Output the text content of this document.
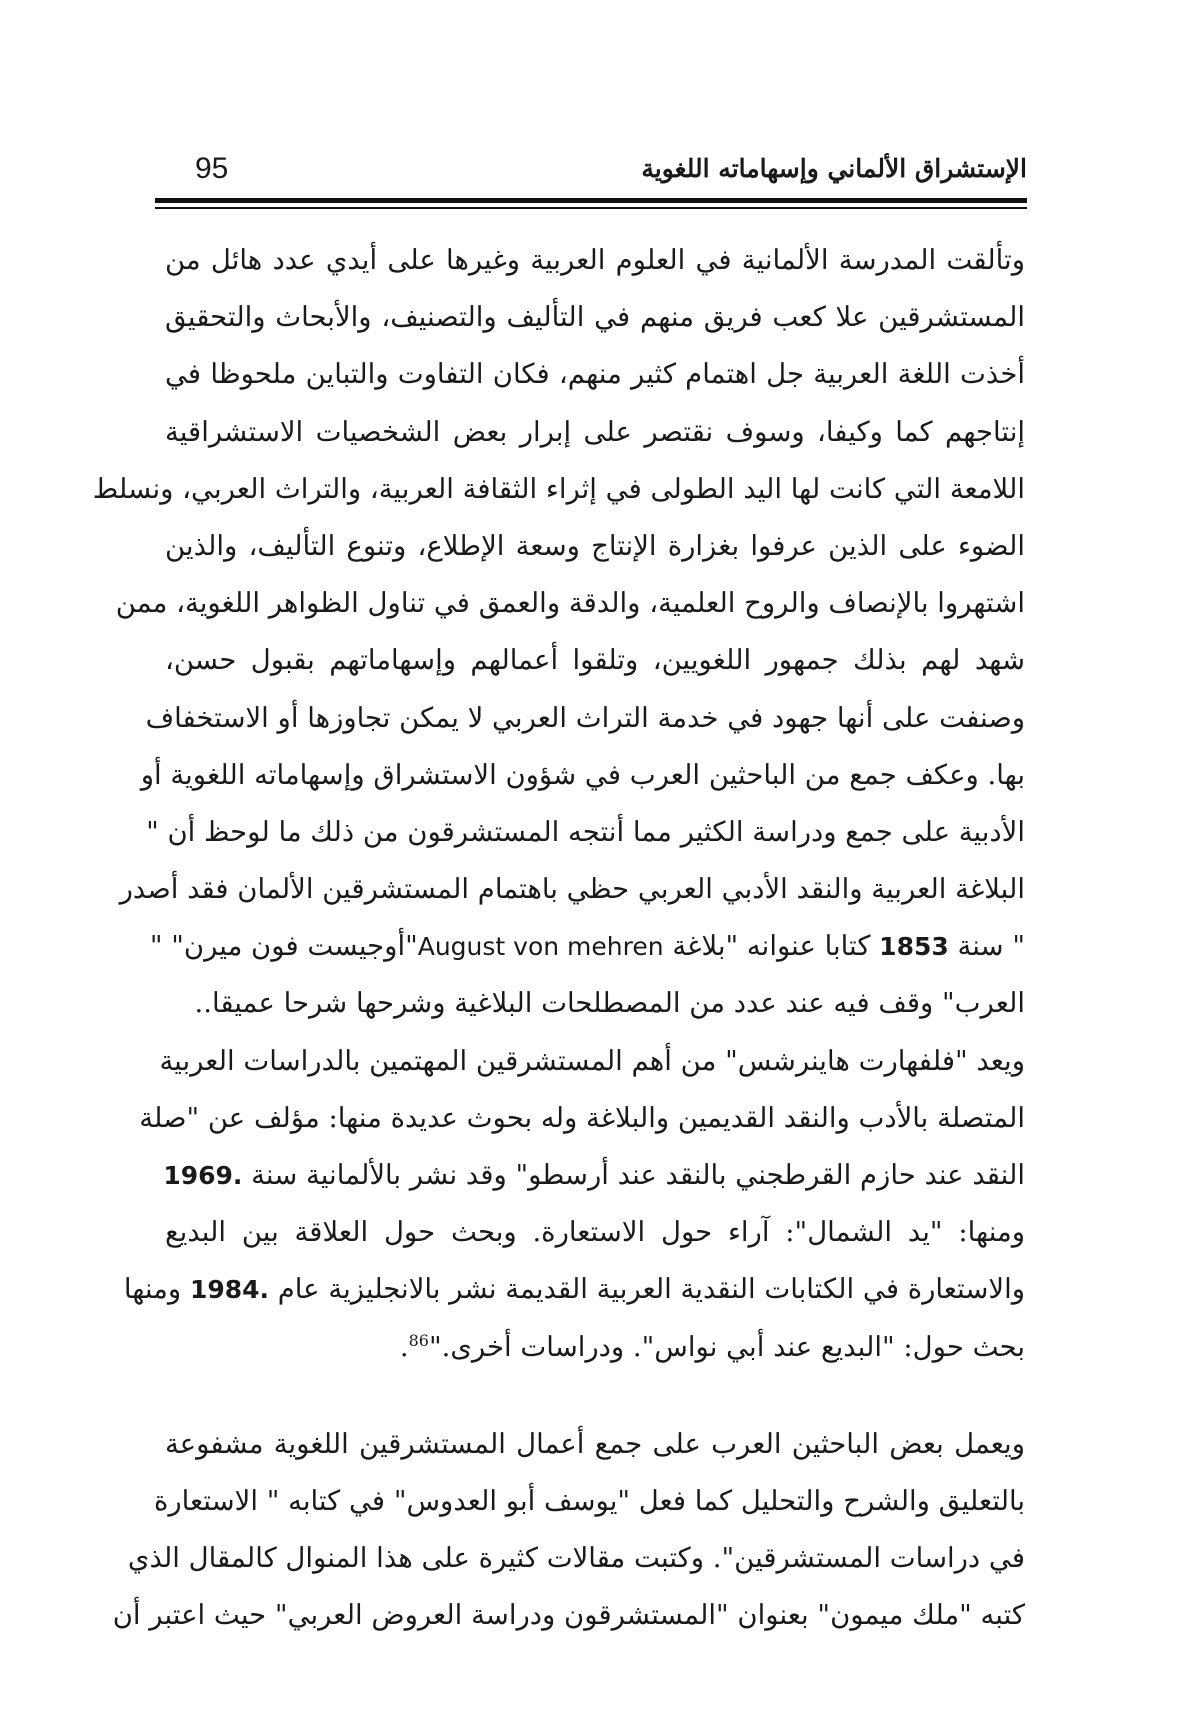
الإستشراق الألماني وإسهاماته اللغوية
95
وتألقت المدرسة الألمانية في العلوم العربية وغيرها على أيدي عدد هائل من
المستشرقين علا كعب فريق منهم في التأليف والتصنيف، والأبحاث والتحقيق
أخذت اللغة العربية جل اهتمام كثير منهم، فكان التفاوت والتباين ملحوظا في
إنتاجهم كما وكيفا، وسوف نقتصر على إبرار بعض الشخصيات الاستشراقية
اللامعة التي كانت لها اليد الطولى في إثراء الثقافة العربية، والتراث العربي، ونسلط
الضوء على الذين عرفوا بغزارة الإنتاج وسعة الإطلاع، وتنوع التأليف، والذين
اشتهروا بالإنصاف والروح العلمية، والدقة والعمق في تناول الظواهر اللغوية، ممن
شهد لهم بذلك جمهور اللغويين، وتلقوا أعمالهم وإسهاماتهم بقبول حسن،
وصنفت على أنها جهود في خدمة التراث العربي لا يمكن تجاوزها أو الاستخفاف
بها. وعكف جمع من الباحثين العرب في شؤون الاستشراق وإسهاماته اللغوية أو
الأدبية على جمع ودراسة الكثير مما أنتجه المستشرقون من ذلك ما لوحظ أن "
البلاغة العربية والنقد الأدبي العربي حظي باهتمام المستشرقين الألمان فقد أصدر
" سنة 1853 كتابا عنوانه "بلاغة August von mehren"أوجيست فون ميرن" "
العرب" وقف فيه عند عدد من المصطلحات البلاغية وشرحها شرحا عميقا..
ويعد "فلفهارت هاينرشس" من أهم المستشرقين المهتمين بالدراسات العربية
المتصلة بالأدب والنقد القديمين والبلاغة وله بحوث عديدة منها: مؤلف عن "صلة
النقد عند حازم القرطجني بالنقد عند أرسطو" وقد نشر بالألمانية سنة 1969.
ومنها: "يد الشمال": آراء حول الاستعارة. وبحث حول العلاقة بين البديع
والاستعارة في الكتابات النقدية العربية القديمة نشر بالانجليزية عام 1984. ومنها
بحث حول: "البديع عند أبي نواس". ودراسات أخرى."$^{86}$.
ويعمل بعض الباحثين العرب على جمع أعمال المستشرقين اللغوية مشفوعة
بالتعليق والشرح والتحليل كما فعل "يوسف أبو العدوس" في كتابه " الاستعارة
في دراسات المستشرقين". وكتبت مقالات كثيرة على هذا المنوال كالمقال الذي
كتبه "ملك ميمون" بعنوان "المستشرقون ودراسة العروض العربي" حيث اعتبر أن
